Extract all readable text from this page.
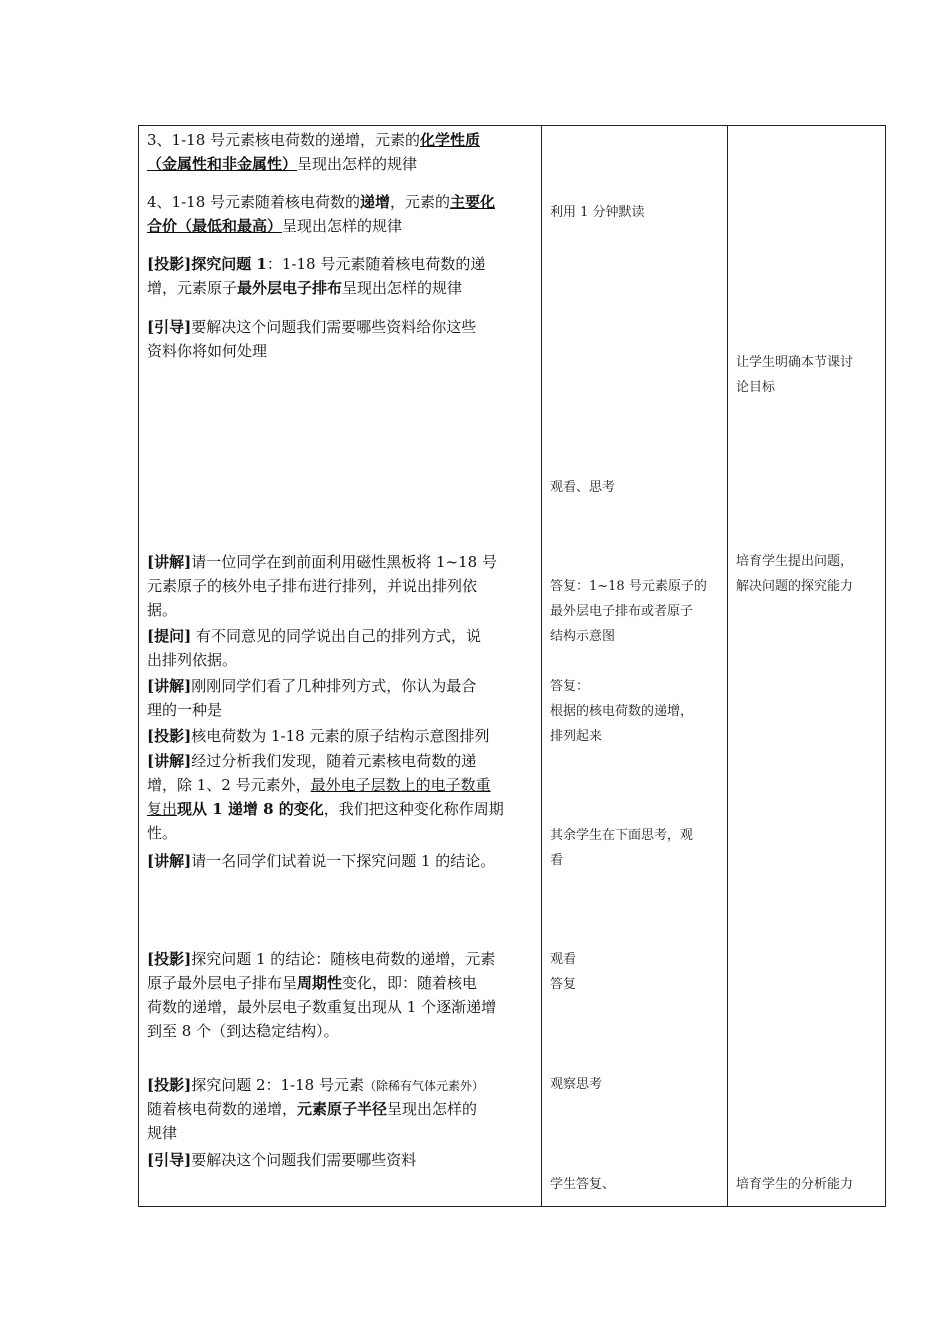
3、1-18 号元素核电荷数的递增，元素的化学性质
（金属性和非金属性）呈现出怎样的规律
4、1-18 号元素随着核电荷数的递增，元素的主要化
合价（最低和最高）呈现出怎样的规律
[投影]探究问题 1：1-18 号元素随着核电荷数的递
增，元素原子最外层电子排布呈现出怎样的规律
[引导]要解决这个问题我们需要哪些资料给你这些
资料你将如何处理
[讲解]请一位同学在到前面利用磁性黑板将 1~18 号
元素原子的核外电子排布进行排列，并说出排列依
据。
[提问] 有不同意见的同学说出自己的排列方式，说
出排列依据。
[讲解]刚刚同学们看了几种排列方式，你认为最合
理的一种是
[投影]核电荷数为 1-18 元素的原子结构示意图排列
[讲解]经过分析我们发现，随着元素核电荷数的递
增，除 1、2 号元素外，最外电子层数上的电子数重
复出现从 1 递增 8 的变化，我们把这种变化称作周期
性。
[讲解]请一名同学们试着说一下探究问题 1 的结论。
[投影]探究问题 1 的结论：随核电荷数的递增，元素
原子最外层电子排布呈周期性变化，即：随着核电
荷数的递增，最外层电子数重复出现从 1 个逐渐递增
到至 8 个（到达稳定结构）。
[投影]探究问题 2：1-18 号元素（除稀有气体元素外）
随着核电荷数的递增，元素原子半径呈现出怎样的
规律
[引导]要解决这个问题我们需要哪些资料
利用 1 分钟默读
观看、思考
答复：1~18 号元素原子的
最外层电子排布或者原子
结构示意图
答复：
根据的核电荷数的递增，
排列起来
其余学生在下面思考，观
看
观看
答复
观察思考
学生答复、
让学生明确本节课讨
论目标
培育学生提出问题，
解决问题的探究能力
培育学生的分析能力
